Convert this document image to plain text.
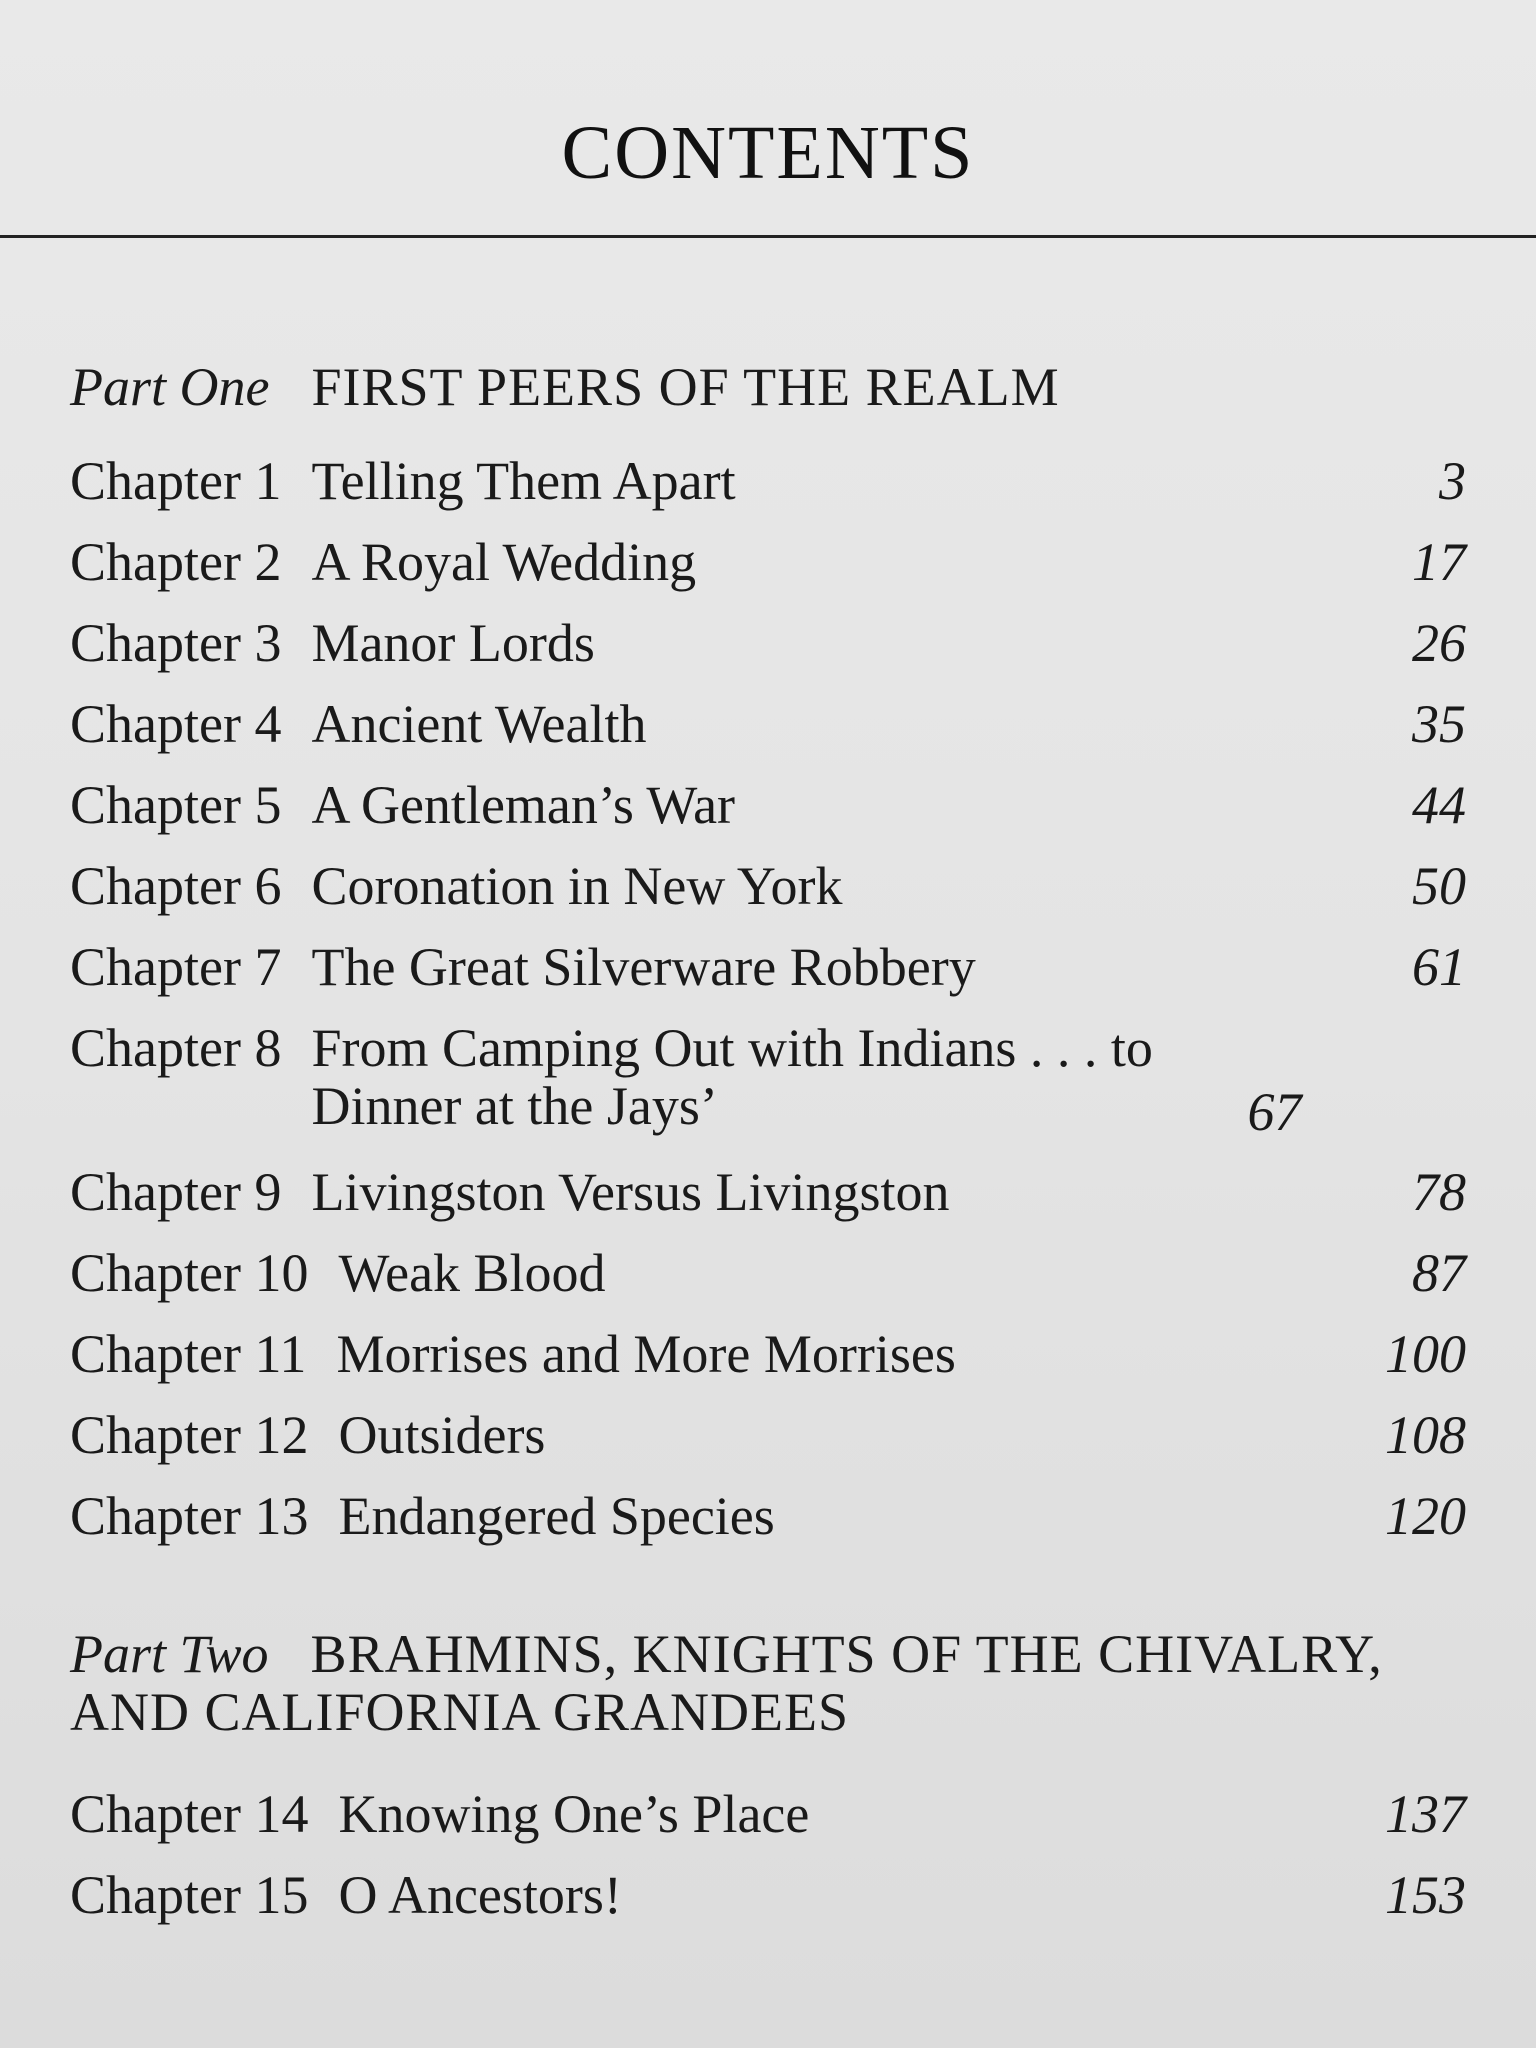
CONTENTS
Part One FIRST PEERS OF THE REALM
Chapter 1 Telling Them Apart	3
Chapter 2 A Royal Wedding	17
Chapter 3 Manor Lords	26
Chapter 4 Ancient Wealth	35
Chapter 5 A Gentleman’s War	44
Chapter 6 Coronation in New York	50
Chapter 7 The Great Silverware Robbery	61
Chapter 8 From Camping Out with Indians . . . to Dinner at the Jays’	67
Chapter 9 Livingston Versus Livingston	78
Chapter 10 Weak Blood	87
Chapter 11 Morrises and More Morrises	100
Chapter 12 Outsiders	108
Chapter 13 Endangered Species	120
Part Two BRAHMINS, KNIGHTS OF THE CHIVALRY, AND CALIFORNIA GRANDEES
Chapter 14 Knowing One’s Place	137
Chapter 15 O Ancestors!	153
